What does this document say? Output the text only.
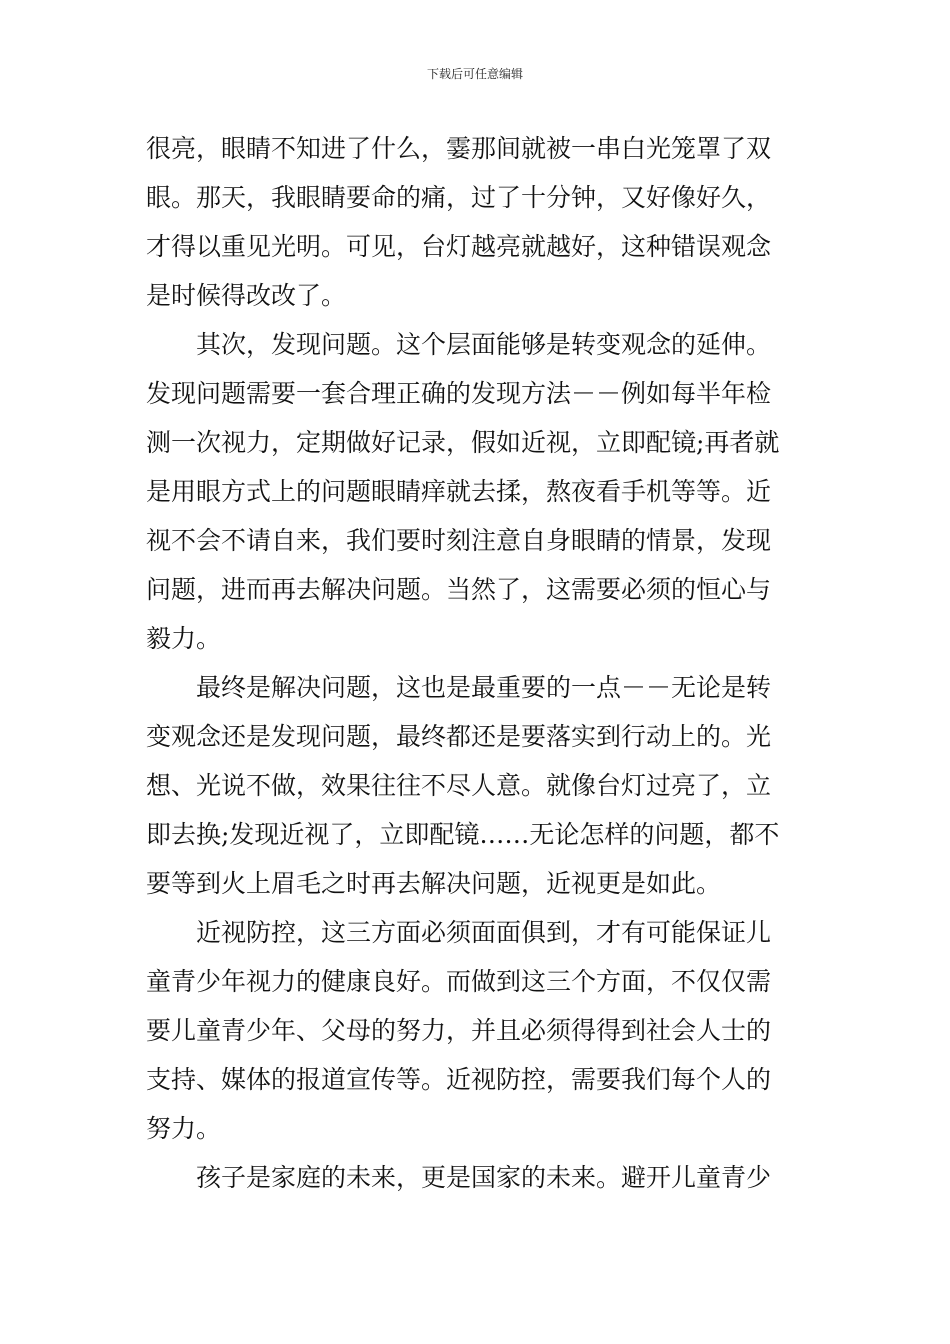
下载后可任意编辑
很亮，眼睛不知进了什么，霎那间就被一串白光笼罩了双
眼。那天，我眼睛要命的痛，过了十分钟，又好像好久，
才得以重见光明。可见，台灯越亮就越好，这种错误观念
是时候得改改了。
其次，发现问题。这个层面能够是转变观念的延伸。
发现问题需要一套合理正确的发现方法－－例如每半年检
测一次视力，定期做好记录，假如近视，立即配镜;再者就
是用眼方式上的问题眼睛痒就去揉，熬夜看手机等等。近
视不会不请自来，我们要时刻注意自身眼睛的情景，发现
问题，进而再去解决问题。当然了，这需要必须的恒心与
毅力。
最终是解决问题，这也是最重要的一点－－无论是转
变观念还是发现问题，最终都还是要落实到行动上的。光
想、光说不做，效果往往不尽人意。就像台灯过亮了，立
即去换;发现近视了，立即配镜……无论怎样的问题，都不
要等到火上眉毛之时再去解决问题，近视更是如此。
近视防控，这三方面必须面面俱到，才有可能保证儿
童青少年视力的健康良好。而做到这三个方面，不仅仅需
要儿童青少年、父母的努力，并且必须得得到社会人士的
支持、媒体的报道宣传等。近视防控，需要我们每个人的
努力。
孩子是家庭的未来，更是国家的未来。避开儿童青少
